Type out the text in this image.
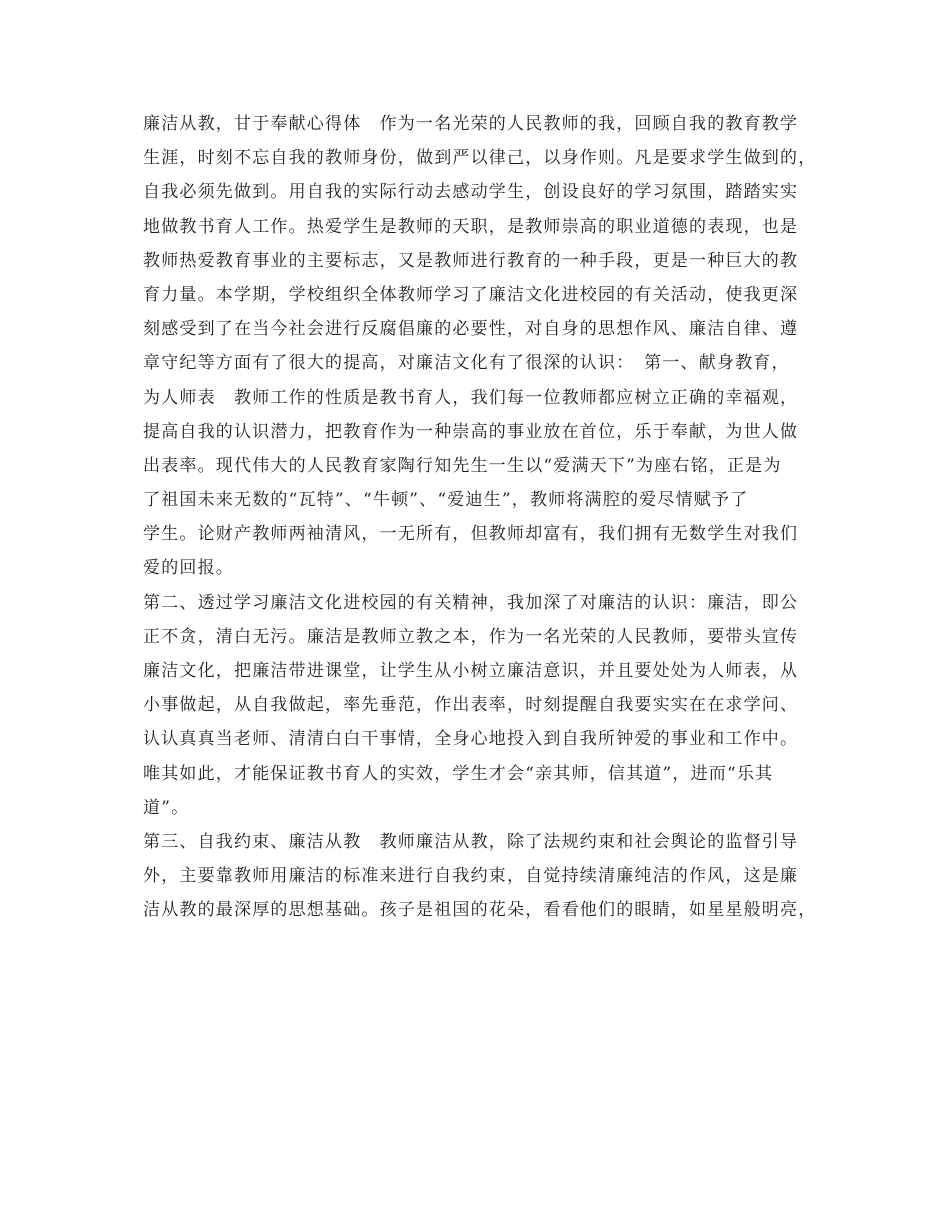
廉洁从教，甘于奉献心得体　作为一名光荣的人民教师的我，回顾自我的教育教学
生涯，时刻不忘自我的教师身份，做到严以律己，以身作则。凡是要求学生做到的，
自我必须先做到。用自我的实际行动去感动学生，创设良好的学习氛围，踏踏实实
地做教书育人工作。热爱学生是教师的天职，是教师崇高的职业道德的表现，也是
教师热爱教育事业的主要标志，又是教师进行教育的一种手段，更是一种巨大的教
育力量。本学期，学校组织全体教师学习了廉洁文化进校园的有关活动，使我更深
刻感受到了在当今社会进行反腐倡廉的必要性，对自身的思想作风、廉洁自律、遵
章守纪等方面有了很大的提高，对廉洁文化有了很深的认识：　第一、献身教育，
为人师表　教师工作的性质是教书育人，我们每一位教师都应树立正确的幸福观，
提高自我的认识潜力，把教育作为一种崇高的事业放在首位，乐于奉献，为世人做
出表率。现代伟大的人民教育家陶行知先生一生以“爱满天下”为座右铭，正是为
了祖国未来无数的“瓦特”、“牛顿”、“爱迪生”，教师将满腔的爱尽情赋予了
学生。论财产教师两袖清风，一无所有，但教师却富有，我们拥有无数学生对我们
爱的回报。
第二、透过学习廉洁文化进校园的有关精神，我加深了对廉洁的认识：廉洁，即公
正不贪，清白无污。廉洁是教师立教之本，作为一名光荣的人民教师，要带头宣传
廉洁文化，把廉洁带进课堂，让学生从小树立廉洁意识，并且要处处为人师表，从
小事做起，从自我做起，率先垂范，作出表率，时刻提醒自我要实实在在求学问、
认认真真当老师、清清白白干事情，全身心地投入到自我所钟爱的事业和工作中。
唯其如此，才能保证教书育人的实效，学生才会“亲其师，信其道”，进而“乐其
道”。
第三、自我约束、廉洁从教　教师廉洁从教，除了法规约束和社会舆论的监督引导
外，主要靠教师用廉洁的标准来进行自我约束，自觉持续清廉纯洁的作风，这是廉
洁从教的最深厚的思想基础。孩子是祖国的花朵，看看他们的眼睛，如星星般明亮，
